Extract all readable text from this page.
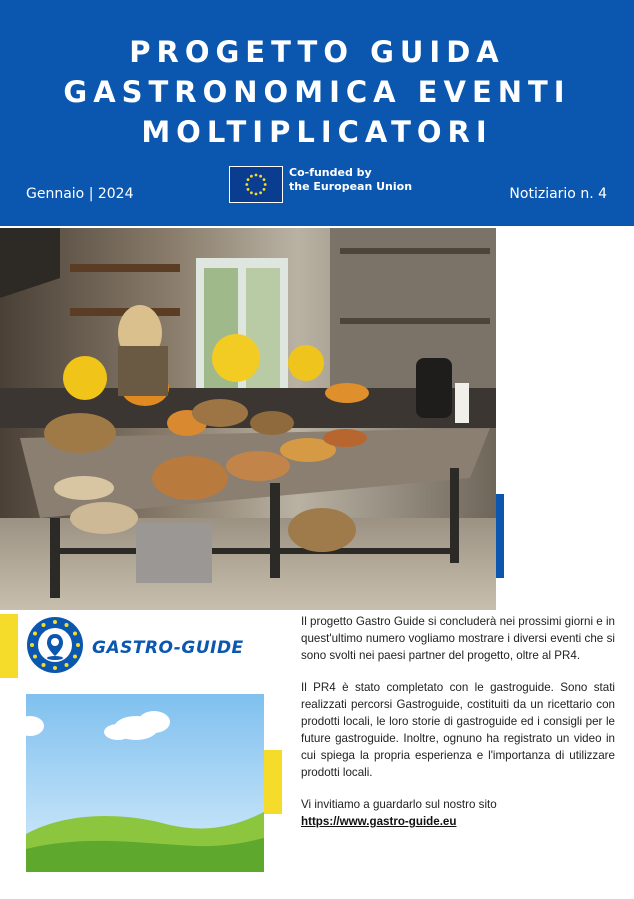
PROGETTO GUIDA
GASTRONOMICA EVENTI
MOLTIPLICATORI
Gennaio | 2024
Co-funded by
the European Union	Notiziario n. 4
GASTRO-GUIDE

Il progetto Gastro Guide si concluderà nei prossimi giorni e in quest'ultimo numero vogliamo mostrare i diversi eventi che si sono svolti nei paesi partner del progetto, oltre al PR4.

Il PR4 è stato completato con le gastroguide. Sono stati realizzati percorsi Gastroguide, costituiti da un ricettario con prodotti locali, le loro storie di gastroguide ed i consigli per le future gastroguide. Inoltre, ognuno ha registrato un video in cui spiega la propria esperienza e l'importanza di utilizzare prodotti locali.

Vi invitiamo a guardarlo sul nostro sito

https://www.gastro-guide.eu
